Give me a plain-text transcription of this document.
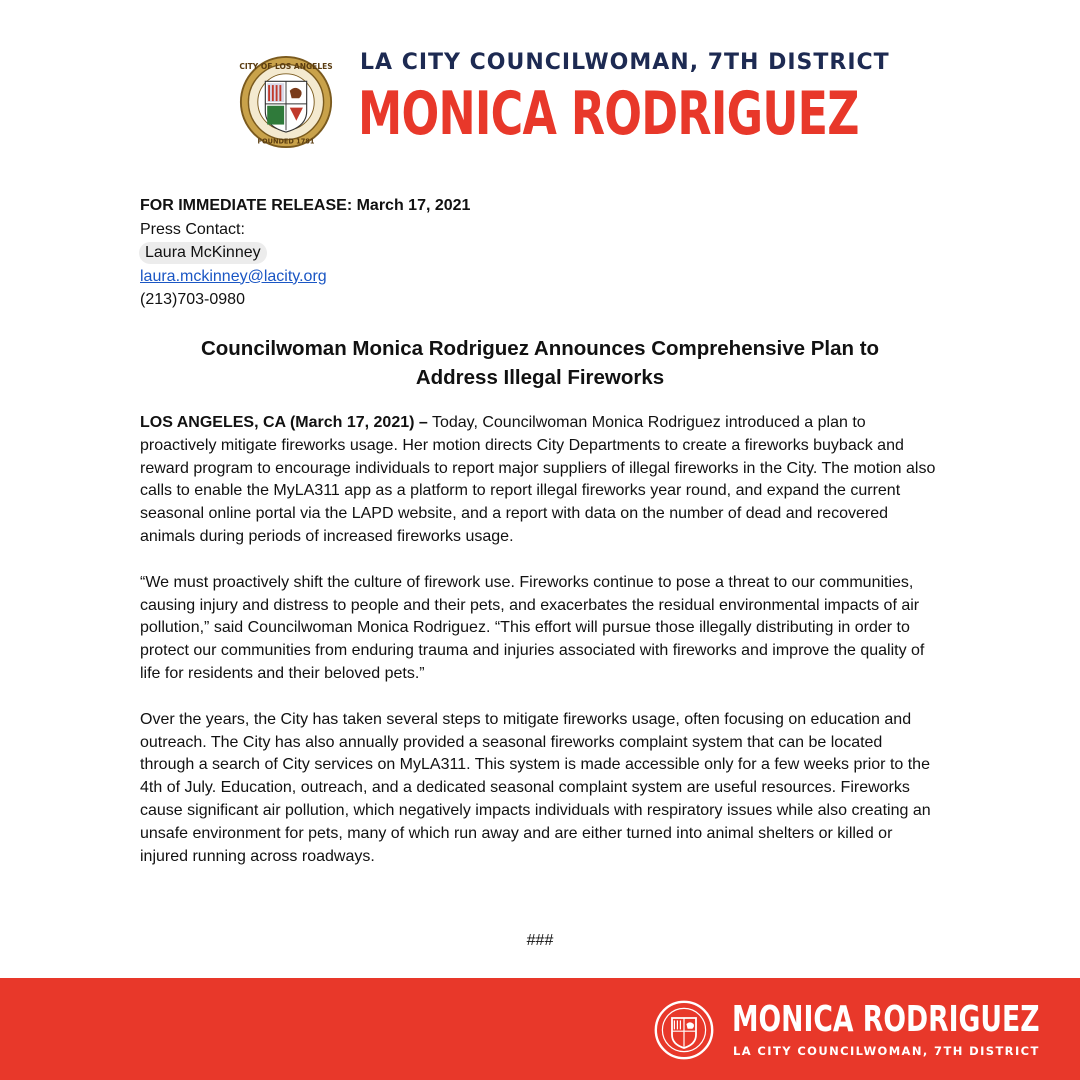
CITY OF LOS ANGELES
FOUNDED 1781
LA CITY COUNCILWOMAN, 7TH DISTRICT
MONICA RODRIGUEZ
FOR IMMEDIATE RELEASE: March 17, 2021
Press Contact:
Laura McKinney
laura.mckinney@lacity.org
(213)703-0980
Councilwoman Monica Rodriguez Announces Comprehensive Plan to
Address Illegal Fireworks

LOS ANGELES, CA (March 17, 2021) – Today, Councilwoman Monica Rodriguez introduced a plan to proactively mitigate fireworks usage. Her motion directs City Departments to create a fireworks buyback and reward program to encourage individuals to report major suppliers of illegal fireworks in the City. The motion also calls to enable the MyLA311 app as a platform to report illegal fireworks year round, and expand the current seasonal online portal via the LAPD website, and a report with data on the number of dead and recovered animals during periods of increased fireworks usage.

“We must proactively shift the culture of firework use. Fireworks continue to pose a threat to our communities, causing injury and distress to people and their pets, and exacerbates the residual environmental impacts of air pollution,” said Councilwoman Monica Rodriguez. “This effort will pursue those illegally distributing in order to protect our communities from enduring trauma and injuries associated with fireworks and improve the quality of life for residents and their beloved pets.”

Over the years, the City has taken several steps to mitigate fireworks usage, often focusing on education and outreach. The City has also annually provided a seasonal fireworks complaint system that can be located through a search of City services on MyLA311. This system is made accessible only for a few weeks prior to the 4th of July. Education, outreach, and a dedicated seasonal complaint system are useful resources. Fireworks cause significant air pollution, which negatively impacts individuals with respiratory issues while also creating an unsafe environment for pets, many of which run away and are either turned into animal shelters or killed or injured running across roadways.

###
MONICA RODRIGUEZ
LA CITY COUNCILWOMAN, 7TH DISTRICT
